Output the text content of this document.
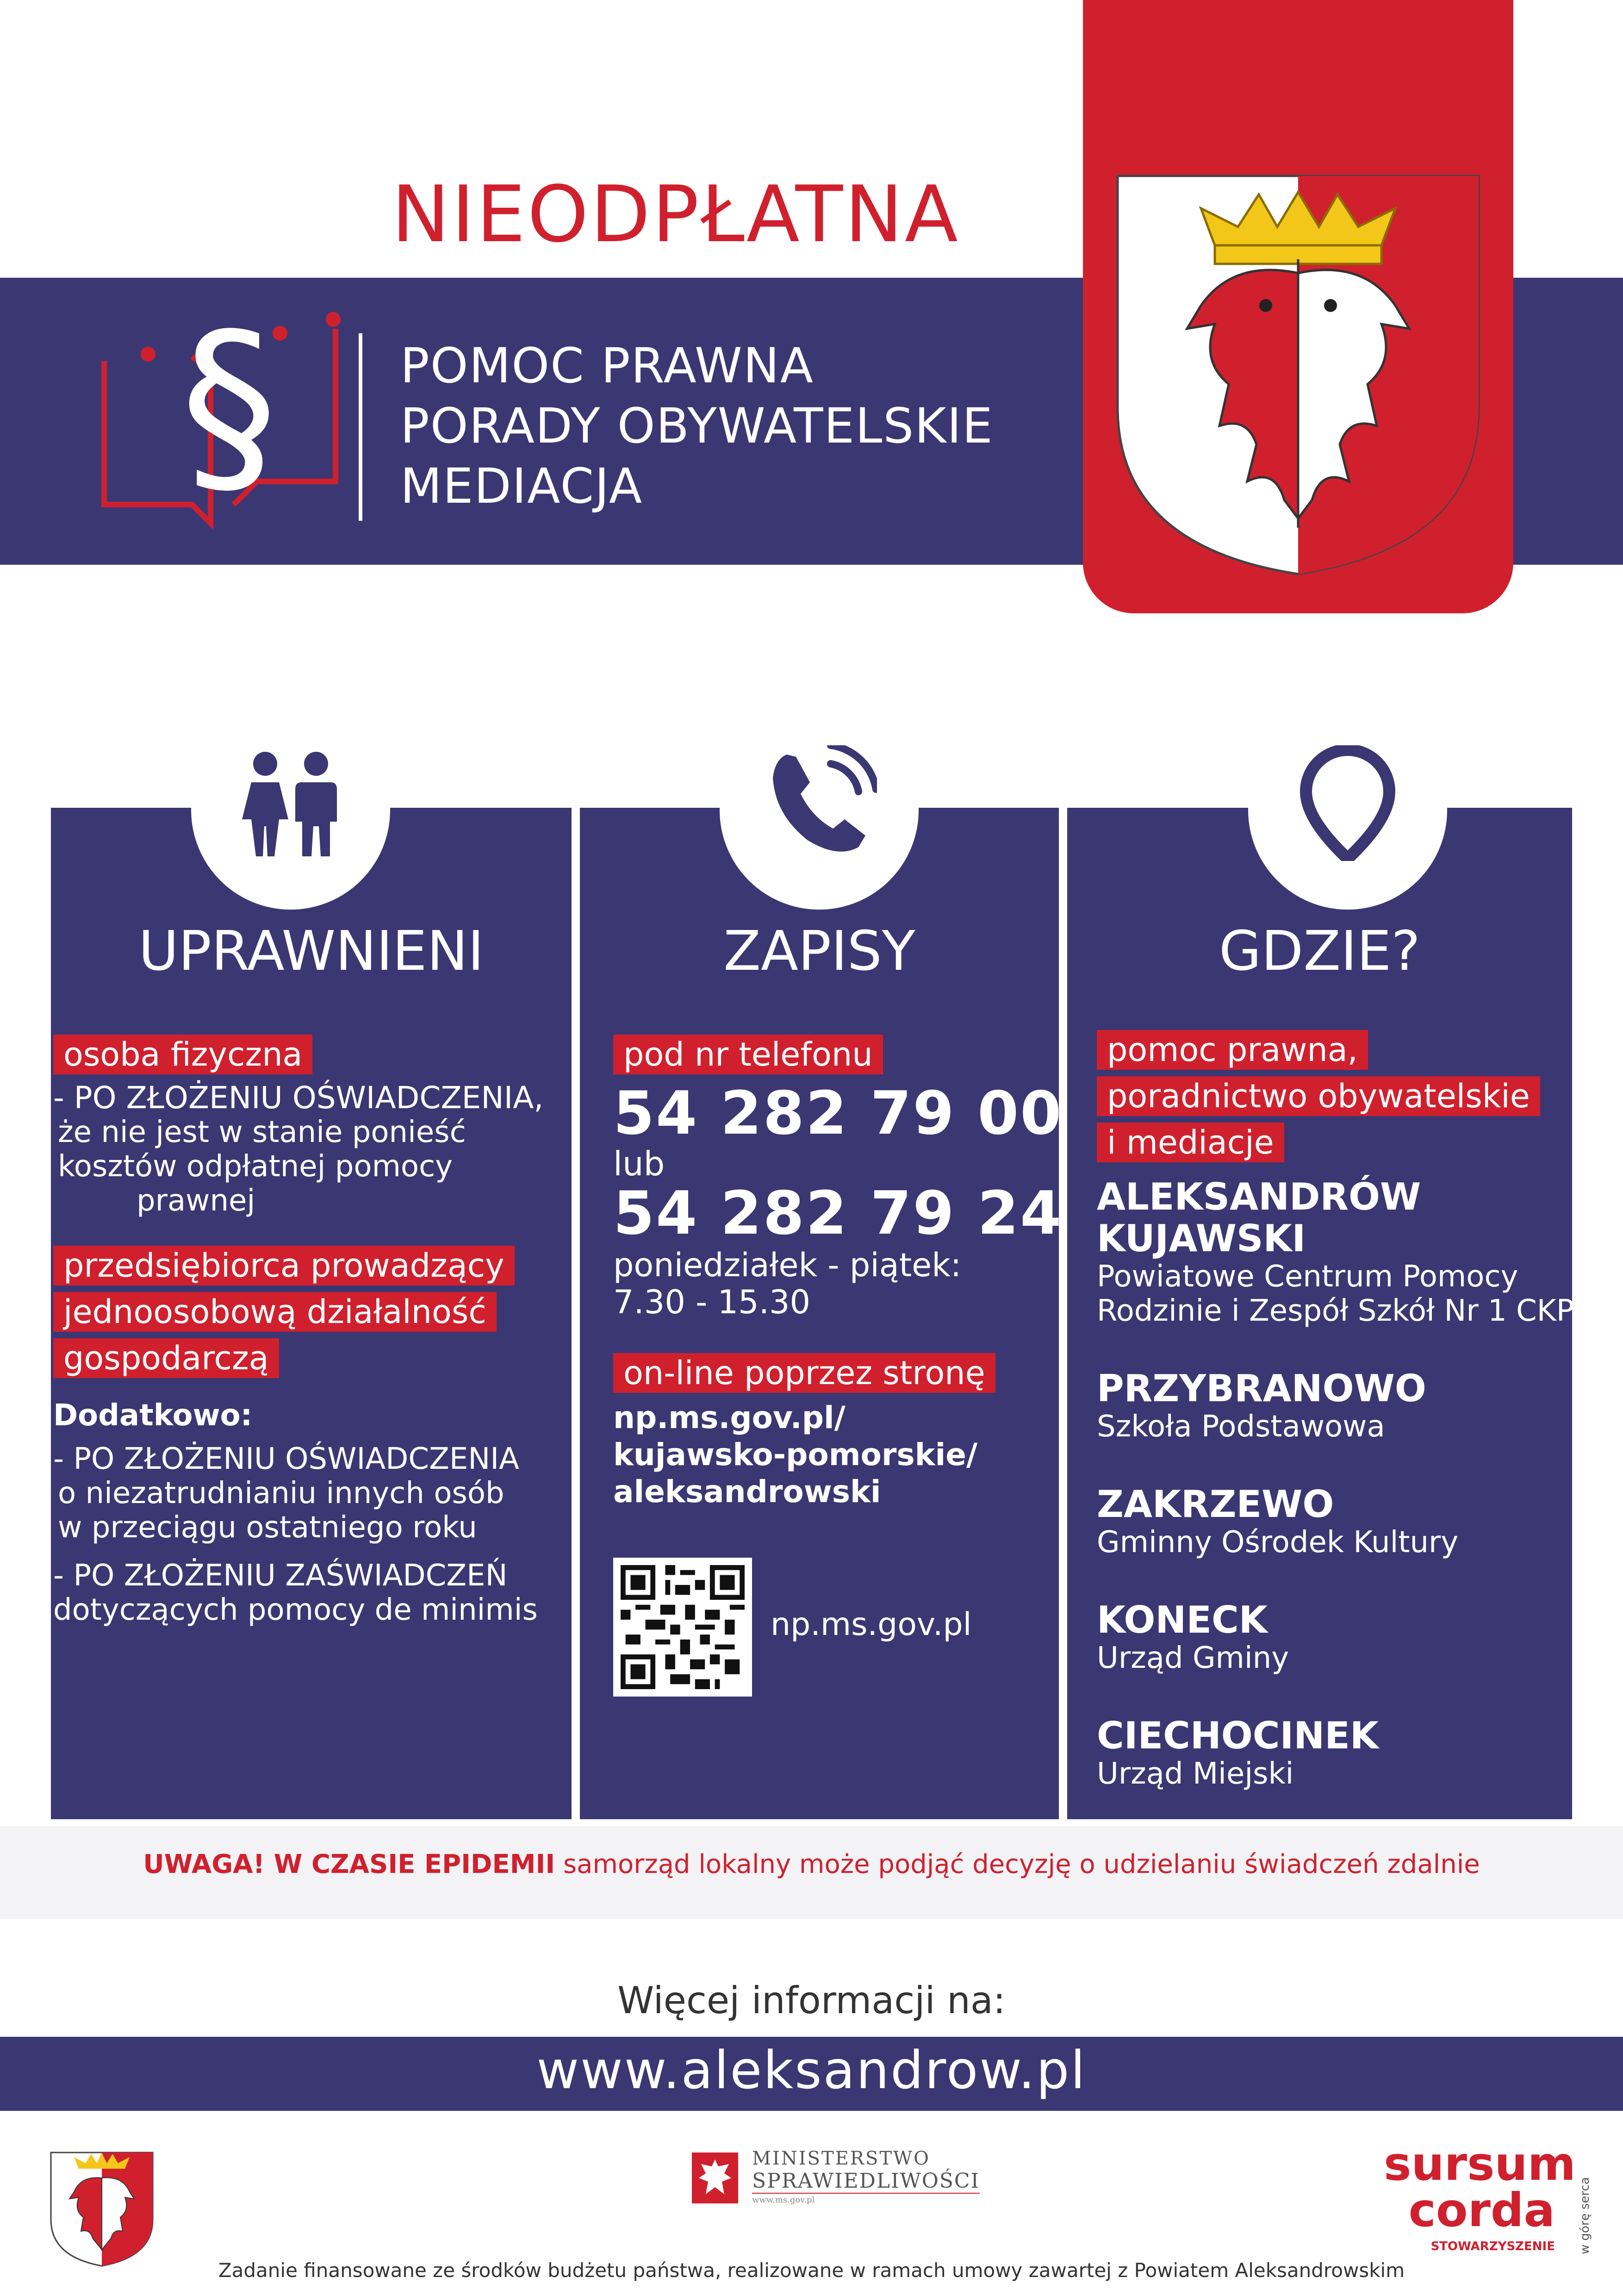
NIEODPŁATNA
§	POMOC PRAWNA
PORADY OBYWATELSKIE
MEDIACJA
UPRAWNIENI	ZAPISY	GDZIE?
osoba fizyczna
- PO ZŁOŻENIU OŚWIADCZENIA,
że nie jest w stanie ponieść
kosztów odpłatnej pomocy
prawnej
przedsiębiorca prowadzący
jednoosobową działalność
gospodarczą
Dodatkowo:
- PO ZŁOŻENIU OŚWIADCZENIA
o niezatrudnianiu innych osób
w przeciągu ostatniego roku
- PO ZŁOŻENIU ZAŚWIADCZEŃ
dotyczących pomocy de minimis
pod nr telefonu
54 282 79 00
lub
54 282 79 24
poniedziałek - piątek:
7.30 - 15.30
on-line poprzez stronę
np.ms.gov.pl/
kujawsko-pomorskie/
aleksandrowski
np.ms.gov.pl
pomoc prawna,
poradnictwo obywatelskie
i mediacje
ALEKSANDRÓW
KUJAWSKI
Powiatowe Centrum Pomocy
Rodzinie i Zespół Szkół Nr 1 CKP
PRZYBRANOWO
Szkoła Podstawowa
ZAKRZEWO
Gminny Ośrodek Kultury
KONECK
Urząd Gminy
CIECHOCINEK
Urząd Miejski
UWAGA! W CZASIE EPIDEMII samorząd lokalny może podjąć decyzję o udzielaniu świadczeń zdalnie
Więcej informacji na:
www.aleksandrow.pl
MINISTERSTWO
SPRAWIEDLIWOŚCI
www.ms.gov.pl
sursum
corda
STOWARZYSZENIE w górę serca
Zadanie finansowane ze środków budżetu państwa, realizowane w ramach umowy zawartej z Powiatem Aleksandrowskim
